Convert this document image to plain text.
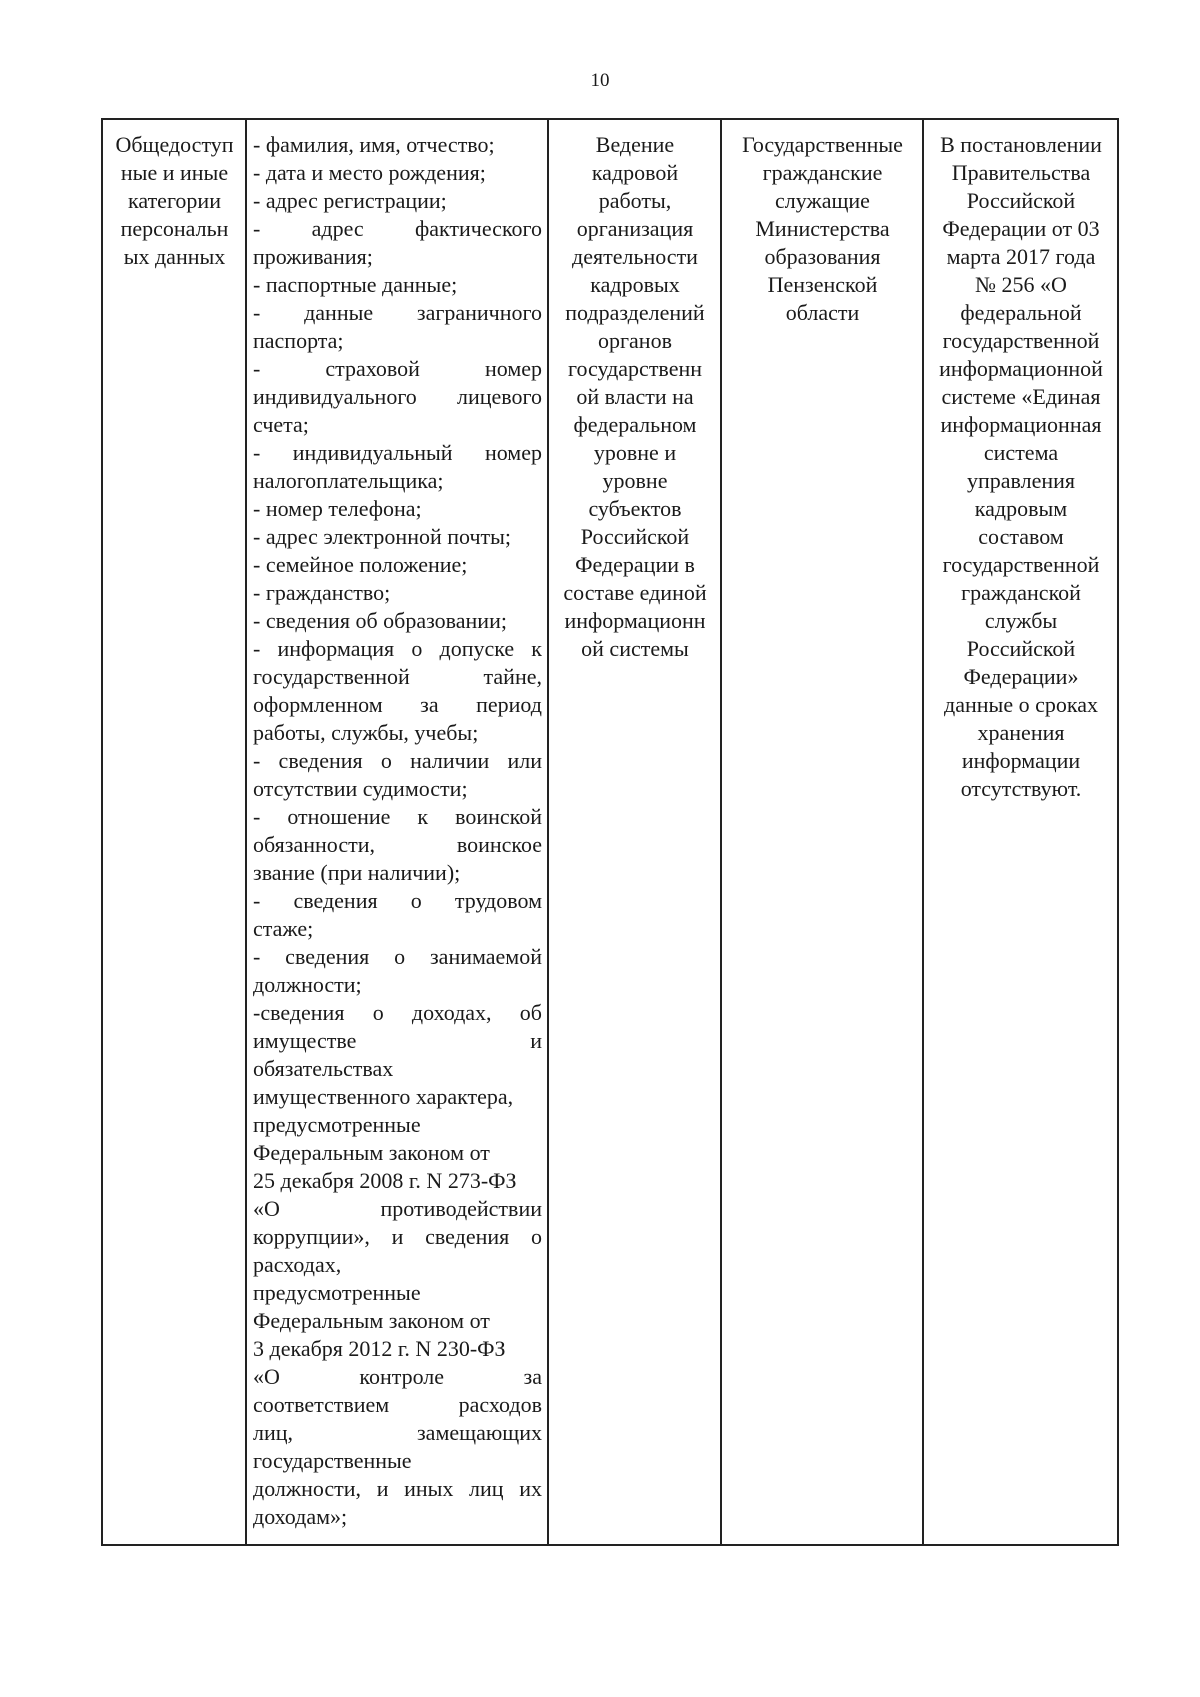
10
Общедоступ
ные и иные
категории
персональн
ых данных

- фамилия, имя, отчество;
- дата и место рождения;
- адрес регистрации;
- адрес фактического
проживания;
- паспортные данные;
- данные заграничного
паспорта;
- страховой номер
индивидуального лицевого
счета;
- индивидуальный номер
налогоплательщика;
- номер телефона;
- адрес электронной почты;
- семейное положение;
- гражданство;
- сведения об образовании;
- информация о допуске к
государственной тайне,
оформленном за период
работы, службы, учебы;
- сведения о наличии или
отсутствии судимости;
- отношение к воинской
обязанности, воинское
звание (при наличии);
- сведения о трудовом
стаже;
- сведения о занимаемой
должности;
-сведения о доходах, об
имуществе и
обязательствах
имущественного характера,
предусмотренные
Федеральным законом от
25 декабря 2008 г. N 273-ФЗ
«О противодействии
коррупции», и сведения о
расходах,
предусмотренные
Федеральным законом от
3 декабря 2012 г. N 230-ФЗ
«О контроле за
соответствием расходов
лиц, замещающих
государственные
должности, и иных лиц их
доходам»;

Ведение
кадровой
работы,
организация
деятельности
кадровых
подразделений
органов
государственн
ой власти на
федеральном
уровне и
уровне
субъектов
Российской
Федерации в
составе единой
информационн
ой системы

Государственные
гражданские
служащие
Министерства
образования
Пензенской
области

В постановлении
Правительства
Российской
Федерации от 03
марта 2017 года
№ 256 «О
федеральной
государственной
информационной
системе «Единая
информационная
система
управления
кадровым
составом
государственной
гражданской
службы
Российской
Федерации»
данные о сроках
хранения
информации
отсутствуют.
